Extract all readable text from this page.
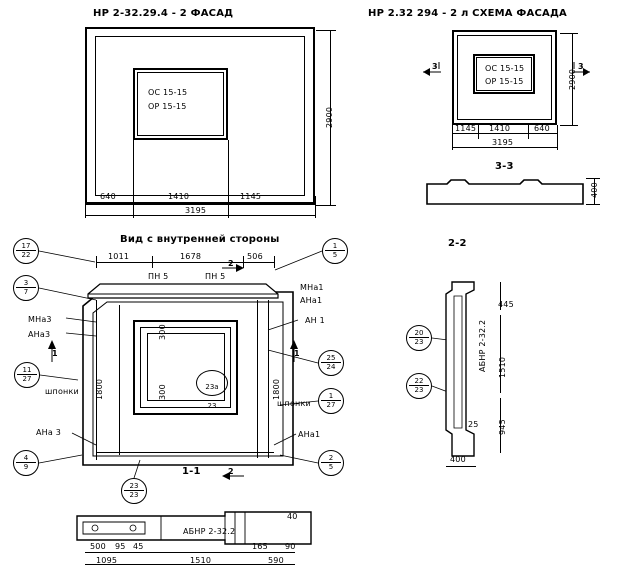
НР 2-32.29.4 - 2 ФАСАД
ОС 15-15
ОР 15-15
2900
640	1410	1145
3195
НР 2.32 294 - 2 л СХЕМА ФАСАДА
ОС 15-15
ОР 15-15
3	3
2900
1145 1410	640
3195
3-3
400
Вид с внутренней стороны
1011	1678	506
ПН 5	ПН 5
МНа1
АНа1
АН 1
МНа3
АНа3
АНа 3	АНа1
шпонки
шпонки
1800	1800
300
300
1	1
2
2
17
22
3
7
1
5
25
24
11
27
1
27
4
9
2
5
23а
23
23
23
20
23
22
23
2-2
АБНР 2-32.2
445
1510
945
25
400
1-1
АБНР 2-32.2
500 95 45	165 90
40
1095	1510	590
